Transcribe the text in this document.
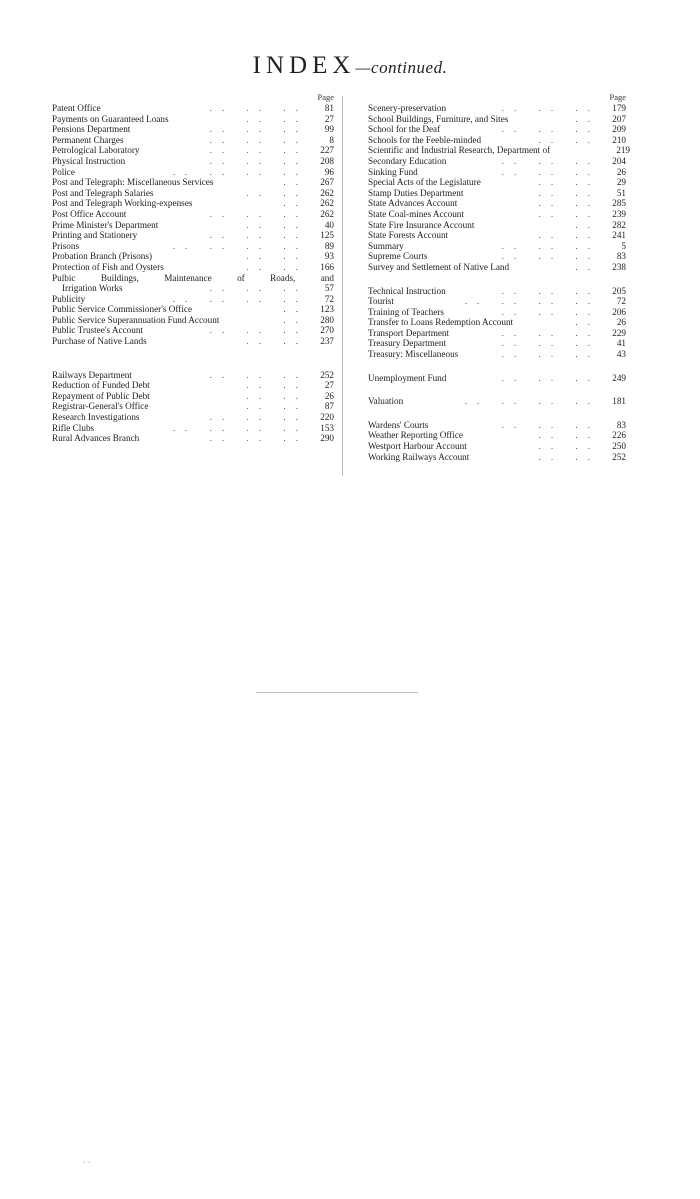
INDEX—continued.
Page
Patent Office	.. .. ..	81
Payments on Guaranteed Loans	.. ..	27
Pensions Department	.. .. ..	99
Permanent Charges	.. .. ..	8
Petrological Laboratory	.. .. ..	227
Physical Instruction	.. .. ..	208
Police	.. .. .. ..	96
Post and Telegraph: Miscellaneous Services	..	267
Post and Telegraph Salaries	.. ..	262
Post and Telegraph Working-expenses	..	262
Post Office Account	.. .. ..	262
Prime Minister's Department	.. ..	40
Printing and Stationery	.. .. ..	125
Prisons	.. .. .. ..	89
Probation Branch (Prisons)	.. ..	93
Protection of Fish and Oysters	.. ..	166
Pulbic Buildings, Maintenance of Roads, and
Irrigation Works	.. .. ..	57
Publicity	.. .. .. ..	72
Public Service Commissioner's Office	..	123
Public Service Superannuation Fund Account	..	280
Public Trustee's Account	.. .. ..	270
Purchase of Native Lands	.. ..	237
Railways Department	.. .. ..	252
Reduction of Funded Debt	.. ..	27
Repayment of Public Debt	.. ..	26
Registrar-General's Office	.. ..	87
Research Investigations	.. .. ..	220
Rifle Clubs	.. .. .. ..	153
Rural Advances Branch	.. .. ..	290
Page
Scenery-preservation	.. .. ..	179
School Buildings, Furniture, and Sites	..	207
School for the Deaf	.. .. ..	209
Schools for the Feeble-minded	.. ..	210
Scientific and Industrial Research, Department of	219
Secondary Education	.. .. ..	204
Sinking Fund	.. .. ..	26
Special Acts of the Legislature	.. ..	29
Stamp Duties Department	.. ..	51
State Advances Account	.. ..	285
State Coal-mines Account	.. ..	239
State Fire Insurance Account	..	282
State Forests Account	.. ..	241
Summary	.. .. ..	5
Supreme Courts	.. .. ..	83
Survey and Settlement of Native Land	..	238
Technical Instruction	.. .. ..	205
Tourist	.. .. .. ..	72
Training of Teachers	.. .. ..	206
Transfer to Loans Redemption Account	..	26
Transport Department	.. .. ..	229
Treasury Department	.. .. ..	41
Treasury: Miscellaneous	.. .. ..	43
Unemployment Fund	.. .. ..	249
Valuation	.. .. .. ..	181
Wardens' Courts	.. .. ..	83
Weather Reporting Office	.. ..	226
Westport Harbour Account	.. ..	250
Working Railways Account	.. ..	252
· ᵕ
